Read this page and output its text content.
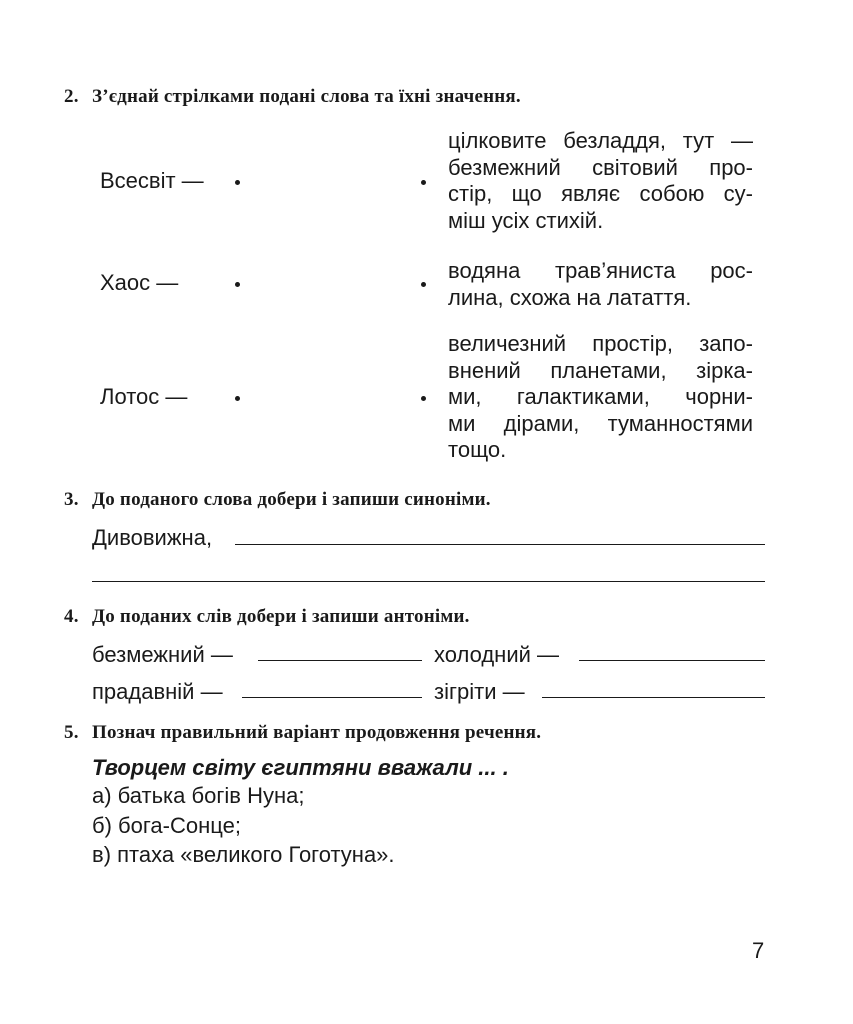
2. З’єднай стрілками подані слова та їхні значення.
Всесвіт —
Хаос —
Лотос —
цілковите безладдя, тут —
безмежний світовий про-
стір, що являє собою су-
міш усіх стихій.
водяна трав’яниста рос-
лина, схожа на латаття.
величезний простір, запо-
внений планетами, зірка-
ми, галактиками, чорни-
ми дірами, туманностями
тощо.
3. До поданого слова добери і запиши синоніми.
Дивовижна,
4. До поданих слів добери і запиши антоніми.
безмежний —	холодний —
прадавній —	зігріти —
5. Познач правильний варіант продовження речення.
Творцем світу єгиптяни вважали ... .
а) батька богів Нуна;
б) бога-Сонце;
в) птаха «великого Гоготуна».
7
